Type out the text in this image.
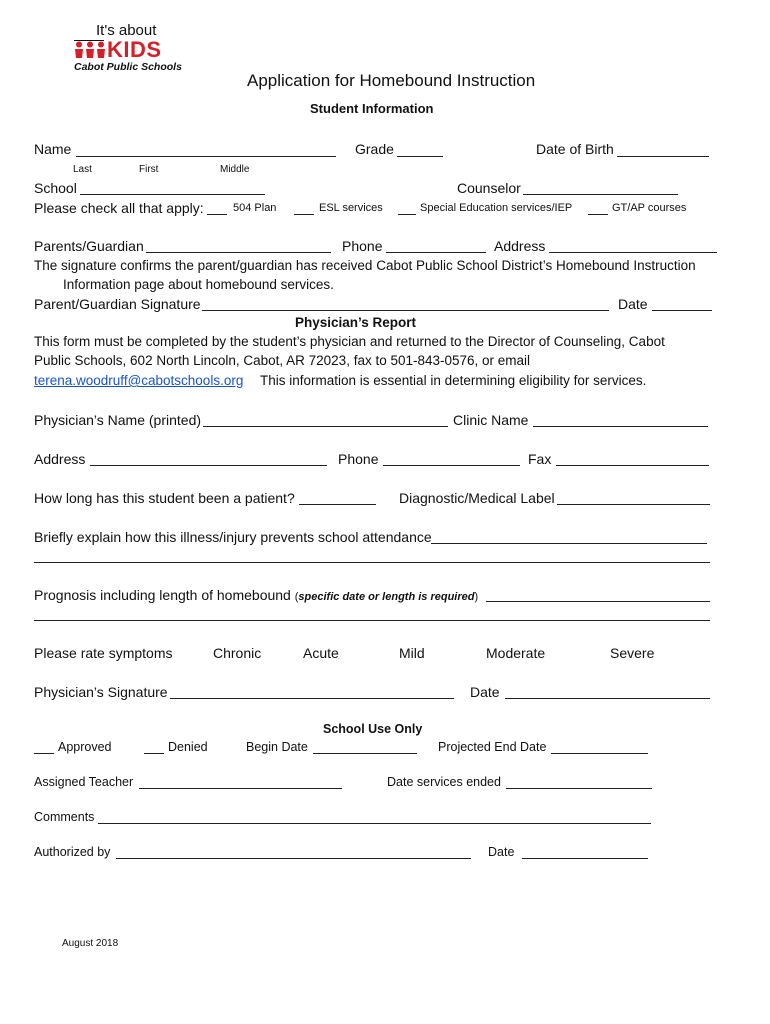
It's about
KIDS
Cabot Public Schools
Application for Homebound Instruction
Student Information
Name	Grade	Date of Birth
Last	First	Middle
School	Counselor
Please check all that apply:	504 Plan	ESL services	Special Education services/IEP	GT/AP courses
Parents/Guardian	Phone	Address
The signature confirms the parent/guardian has received Cabot Public School District’s Homebound Instruction
Information page about homebound services.
Parent/Guardian Signature	Date
Physician’s Report
This form must be completed by the student’s physician and returned to the Director of Counseling, Cabot
Public Schools, 602 North Lincoln, Cabot, AR 72023, fax to 501-843-0576, or email
terena.woodruff@cabotschools.org This information is essential in determining eligibility for services.
Physician’s Name (printed)	Clinic Name
Address	Phone	Fax
How long has this student been a patient?	Diagnostic/Medical Label
Briefly explain how this illness/injury prevents school attendance
Prognosis including length of homebound (specific date or length is required)
Please rate symptoms	Chronic	Acute	Mild	Moderate	Severe
Physician’s Signature	Date
School Use Only
Approved	Denied	Begin Date	Projected End Date
Assigned Teacher	Date services ended
Comments
Authorized by	Date
August 2018
